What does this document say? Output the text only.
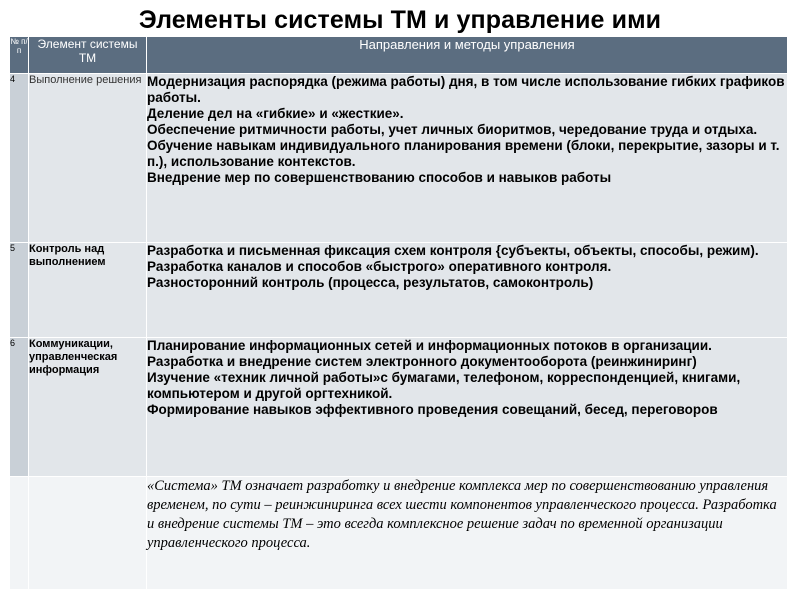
Элементы системы ТМ и управление ими
№ п/п	Элемент системы ТМ	Направления и методы управления
4	Выполнение решения	Модернизация распорядка (режима работы) дня, в том числе использование гибких графиков работы.
Деление дел на «гибкие» и «жесткие».
Обеспечение ритмичности работы, учет личных биоритмов, чередование труда и отдыха.
Обучение навыкам индивидуального планирования времени (блоки, перекрытие, зазоры и т. п.), использование контекстов.
Внедрение мер по совершенствованию способов и навыков работы

5	Контроль над выполнением	Разработка и письменная фиксация схем контроля {субъекты, объекты, способы, режим).
Разработка каналов и способов «быстрого» оперативного контроля.
Разносторонний контроль (процесса, результатов, самоконтроль)

6	Коммуникации, управленческая информация	Планирование информационных сетей и информационных потоков в организации.
Разработка и внедрение систем электронного документооборота (реинжиниринг)
Изучение «техник личной работы»с бумагами, телефоном, корреспонденцией, книгами, компьютером и другой оргтехникой.
Формирование навыков эффективного проведения совещаний, бесед, переговоров

		«Система» ТМ означает разработку и внедрение комплекса мер по совершенствованию управления временем, по сути – реинжиниринга всех шести компонентов управленческого процесса. Разработка и внедрение системы ТМ – это всегда комплексное решение задач по временной организации управленческого процесса.
